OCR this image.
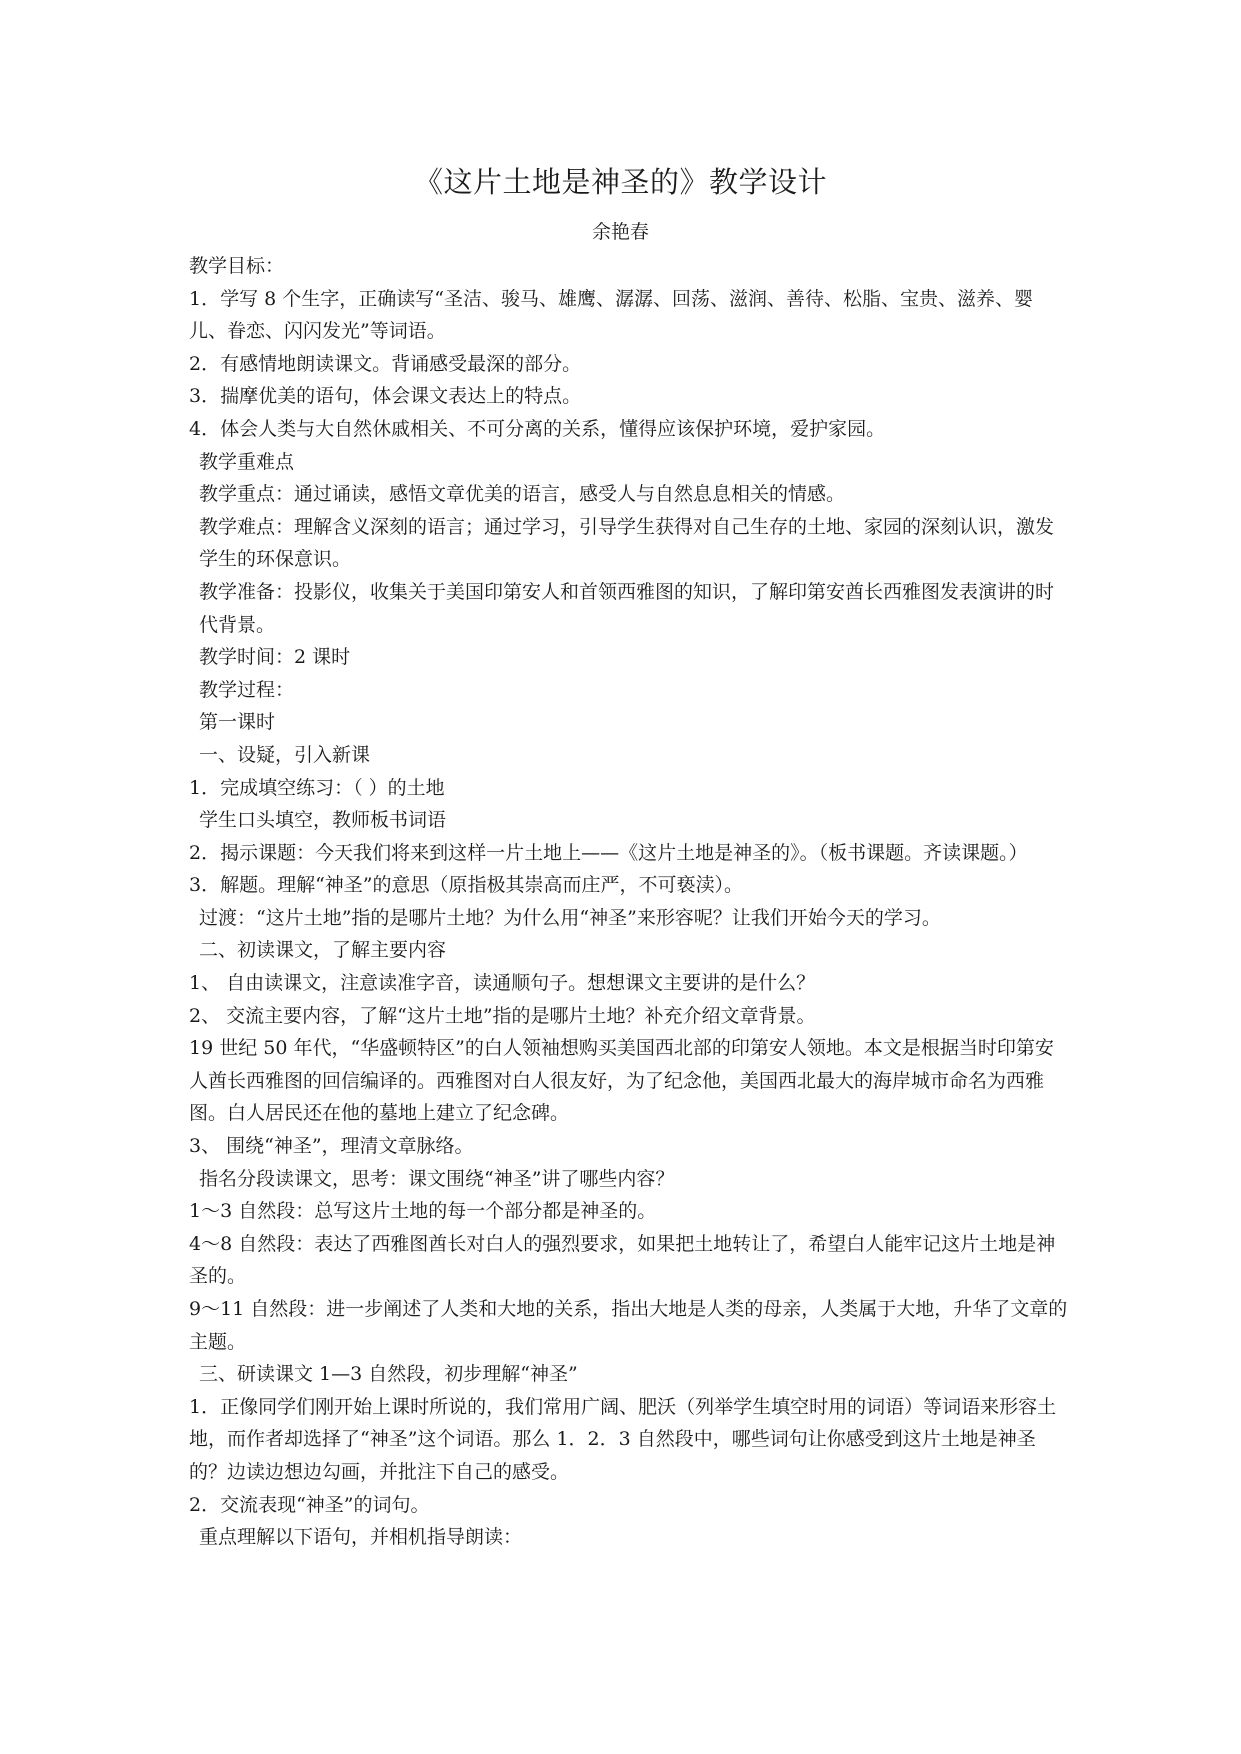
《这片土地是神圣的》教学设计
余艳春

教学目标：

1．学写 8 个生字，正确读写“圣洁、骏马、雄鹰、潺潺、回荡、滋润、善待、松脂、宝贵、滋养、婴儿、眷恋、闪闪发光”等词语。

2．有感情地朗读课文。背诵感受最深的部分。

3．揣摩优美的语句，体会课文表达上的特点。

4．体会人类与大自然休戚相关、不可分离的关系，懂得应该保护环境，爱护家园。

教学重难点

教学重点：通过诵读，感悟文章优美的语言，感受人与自然息息相关的情感。

教学难点：理解含义深刻的语言；通过学习，引导学生获得对自己生存的土地、家园的深刻认识，激发学生的环保意识。

教学准备：投影仪，收集关于美国印第安人和首领西雅图的知识，了解印第安酋长西雅图发表演讲的时代背景。

教学时间：2 课时

教学过程：

第一课时

一、设疑，引入新课

1．完成填空练习：（ ）的土地

学生口头填空，教师板书词语

2．揭示课题：今天我们将来到这样一片土地上——《这片土地是神圣的》。（板书课题。齐读课题。）

3．解题。理解“神圣”的意思（原指极其崇高而庄严，不可亵渎）。

过渡：“这片土地”指的是哪片土地？为什么用“神圣”来形容呢？让我们开始今天的学习。

二、初读课文，了解主要内容

1、 自由读课文，注意读准字音，读通顺句子。想想课文主要讲的是什么？

2、 交流主要内容，了解“这片土地”指的是哪片土地？补充介绍文章背景。

19 世纪 50 年代，“华盛顿特区”的白人领袖想购买美国西北部的印第安人领地。本文是根据当时印第安人酋长西雅图的回信编译的。西雅图对白人很友好，为了纪念他，美国西北最大的海岸城市命名为西雅图。白人居民还在他的墓地上建立了纪念碑。

3、 围绕“神圣”，理清文章脉络。

指名分段读课文，思考：课文围绕“神圣”讲了哪些内容？

1～3 自然段：总写这片土地的每一个部分都是神圣的。

4～8 自然段：表达了西雅图酋长对白人的强烈要求，如果把土地转让了，希望白人能牢记这片土地是神圣的。

9～11 自然段：进一步阐述了人类和大地的关系，指出大地是人类的母亲，人类属于大地，升华了文章的主题。

三、研读课文 1—3 自然段，初步理解“神圣”

1．正像同学们刚开始上课时所说的，我们常用广阔、肥沃（列举学生填空时用的词语）等词语来形容土地，而作者却选择了“神圣”这个词语。那么 1．2．3 自然段中，哪些词句让你感受到这片土地是神圣的？边读边想边勾画，并批注下自己的感受。

2．交流表现“神圣”的词句。

重点理解以下语句，并相机指导朗读：
